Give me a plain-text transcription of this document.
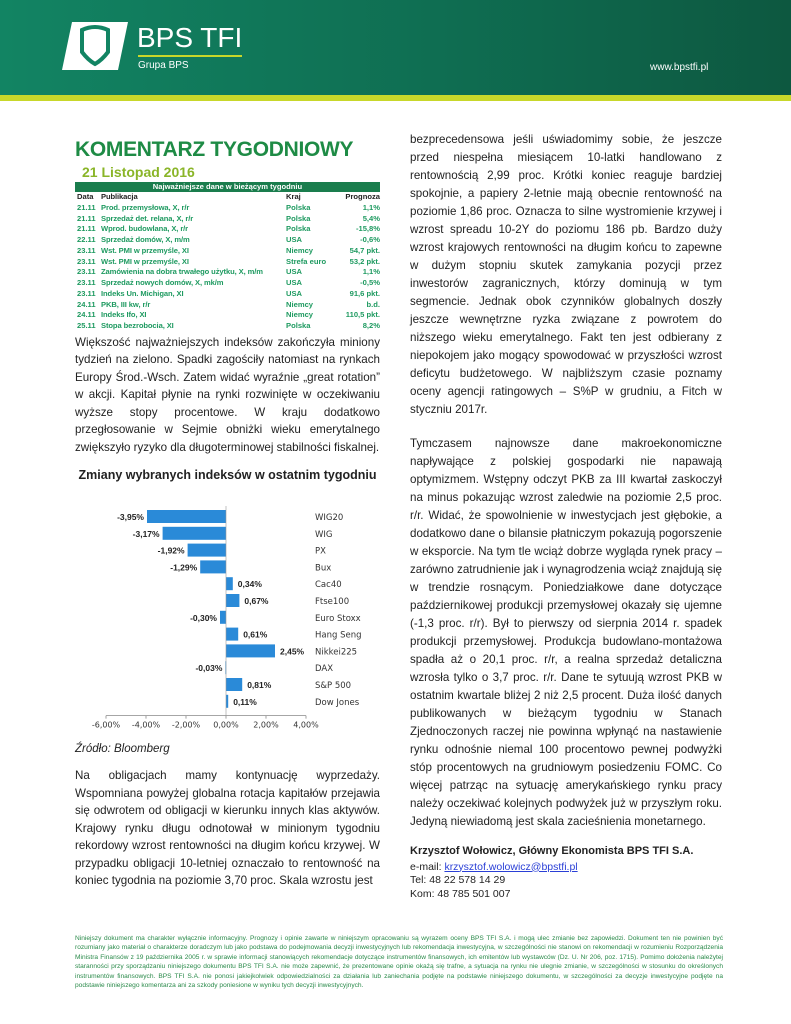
BPS TFI
Grupa BPS	www.bpstfi.pl
KOMENTARZ TYGODNIOWY
21 Listopad 2016
Najważniejsze dane w bieżącym tygodniu
Data Publikacja	Kraj	Prognoza
21.11 Prod. przemysłowa, X, r/r	Polska	1,1%
21.11 Sprzedaż det. relana, X, r/r	Polska	5,4%
21.11 Wprod. budowlana, X, r/r	Polska	-15,8%
22.11 Sprzedaż domów, X, m/m	USA	-0,6%
23.11 Wst. PMI w przemyśle, XI	Niemcy	54,7 pkt.
23.11 Wst. PMI w przemyśle, XI	Strefa euro	53,2 pkt.
23.11 Zamówienia na dobra trwałego użytku, X, m/m	USA	1,1%
23.11 Sprzedaż nowych domów, X, mk/m	USA	-0,5%
23.11 Indeks Un. Michigan, XI	USA	91,6 pkt.
24.11 PKB, III kw, r/r	Niemcy	b.d.
24.11 Indeks Ifo, XI	Niemcy	110,5 pkt.
25.11 Stopa bezrobocia, XI	Polska	8,2%
Większość najważniejszych indeksów zakończyła miniony tydzień na zielono. Spadki zagościły natomiast na rynkach Europy Środ.-Wsch. Zatem widać wyraźnie „great rotation” w akcji. Kapitał płynie na rynki rozwinięte w oczekiwaniu wyższe stopy procentowe. W kraju dodatkowo przegłosowanie w Sejmie obniżki wieku emerytalnego zwiększyło ryzyko dla długoterminowej stabilności fiskalnej.
Zmiany wybranych indeksów w ostatnim tygodniu
-3,95%	WIG20
-3,17%	WIG
-1,92%	PX
-1,29%	Bux
0,34%	Cac40
0,67%	Ftse100
-0,30%	Euro Stoxx
0,61%	Hang Seng
2,45% Nikkei225
-0,03%	DAX
0,81%	S&P 500
0,11%	Dow Jones
-6,00% -4,00% -2,00% 0,00% 2,00% 4,00%
Źródło: Bloomberg
Na obligacjach mamy kontynuację wyprzedaży. Wspomniana powyżej globalna rotacja kapitałów przejawia się odwrotem od obligacji w kierunku innych klas aktywów. Krajowy rynku długu odnotował w minionym tygodniu rekordowy wzrost rentowności na długim końcu krzywej. W przypadku obligacji 10-letniej oznaczało to rentowność na koniec tygodnia na poziomie 3,70 proc. Skala wzrostu jest

bezprecedensowa jeśli uświadomimy sobie, że jeszcze przed niespełna miesiącem 10-latki handlowano z rentownością 2,99 proc. Krótki koniec reaguje bardziej spokojnie, a papiery 2-letnie mają obecnie rentowność na poziomie 1,86 proc. Oznacza to silne wystromienie krzywej i wzrost spreadu 10-2Y do poziomu 186 pb. Bardzo duży wzrost krajowych rentowności na długim końcu to zapewne w dużym stopniu skutek zamykania pozycji przez inwestorów zagranicznych, którzy dominują w tym segmencie. Jednak obok czynników globalnych doszły jeszcze wewnętrzne ryzka związane z powrotem do niższego wieku emerytalnego. Fakt ten jest odbierany z niepokojem jako mogący spowodować w przyszłości wzrost deficytu budżetowego. W najbliższym czasie poznamy oceny agencji ratingowych – S%P w grudniu, a Fitch w styczniu 2017r.

Tymczasem najnowsze dane makroekonomiczne napływające z polskiej gospodarki nie napawają optymizmem. Wstępny odczyt PKB za III kwartał zaskoczył na minus pokazując wzrost zaledwie na poziomie 2,5 proc. r/r. Widać, że spowolnienie w inwestycjach jest głębokie, a dodatkowo dane o bilansie płatniczym pokazują pogorszenie w eksporcie. Na tym tle wciąż dobrze wygląda rynek pracy – zarówno zatrudnienie jak i wynagrodzenia wciąż znajdują się w trendzie rosnącym. Poniedziałkowe dane dotyczące październikowej produkcji przemysłowej okazały się ujemne (-1,3 proc. r/r). Był to pierwszy od sierpnia 2014 r. spadek produkcji przemysłowej. Produkcja budowlano-montażowa spadła aż o 20,1 proc. r/r, a realna sprzedaż detaliczna wzrosła tylko o 3,7 proc. r/r. Dane te sytuują wzrost PKB w ostatnim kwartale bliżej 2 niż 2,5 procent. Duża ilość danych publikowanych w bieżącym tygodniu w Stanach Zjednoczonych raczej nie powinna wpłynąć na nastawienie rynku odnośnie niemal 100 procentowo pewnej podwyżki stóp procentowych na grudniowym posiedzeniu FOMC. Co więcej patrząc na sytuację amerykańskiego rynku pracy należy oczekiwać kolejnych podwyżek już w przyszłym roku. Jedyną niewiadomą jest skala zacieśnienia monetarnego.

Krzysztof Wołowicz, Główny Ekonomista BPS TFI S.A.
e-mail: krzysztof.wolowicz@bpstfi.pl
Tel: 48 22 578 14 29
Kom: 48 785 501 007
Niniejszy dokument ma charakter wyłącznie informacyjny. Prognozy i opinie zawarte w niniejszym opracowaniu są wyrazem oceny BPS TFI S.A. i mogą ulec zmianie bez zapowiedzi. Dokument ten nie powinien być rozumiany jako materiał o charakterze doradczym lub jako podstawa do podejmowania decyzji inwestycyjnych lub rekomendacja inwestycyjna, w szczególności nie stanowi on rekomendacji w rozumieniu Rozporządzenia Ministra Finansów z 19 października 2005 r. w sprawie informacji stanowiących rekomendacje dotyczące instrumentów finansowych, ich emitentów lub wystawców (Dz. U. Nr 206, poz. 1715). Pomimo dołożenia należytej staranności przy sporządzaniu niniejszego dokumentu BPS TFI S.A. nie może zapewnić, że prezentowane opinie okażą się trafne, a sytuacja na rynku nie ulegnie zmianie, w szczególności w stosunku do określonych instrumentów finansowych. BPS TFI S.A. nie ponosi jakiejkolwiek odpowiedzialności za działania lub zaniechania podjęte na podstawie niniejszego dokumentu, w szczególności za decyzje inwestycyjne podjęte na podstawie niniejszego komentarza ani za szkody poniesione w wyniku tych decyzji inwestycyjnych.
